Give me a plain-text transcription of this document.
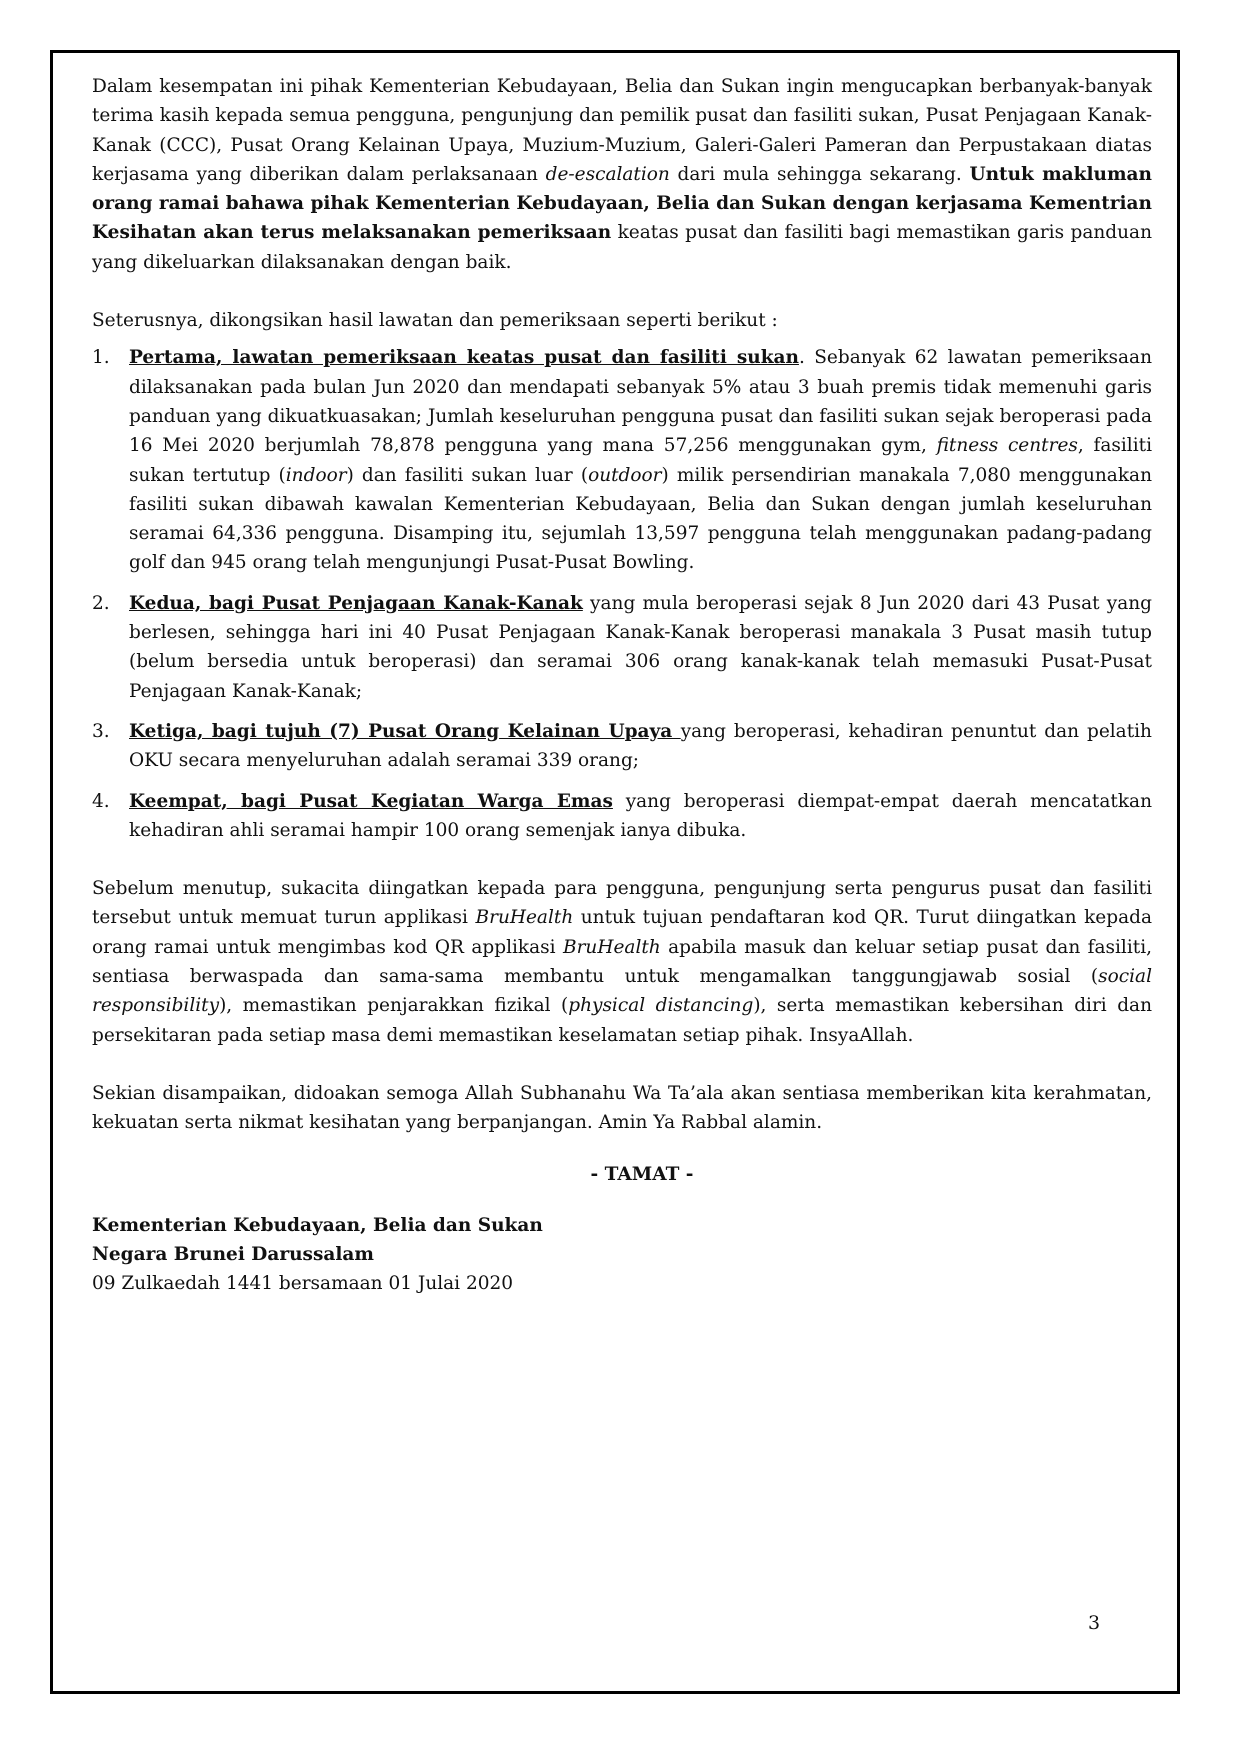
Dalam kesempatan ini pihak Kementerian Kebudayaan, Belia dan Sukan ingin mengucapkan berbanyak-banyak terima kasih kepada semua pengguna, pengunjung dan pemilik pusat dan fasiliti sukan, Pusat Penjagaan Kanak-Kanak (CCC), Pusat Orang Kelainan Upaya, Muzium-Muzium, Galeri-Galeri Pameran dan Perpustakaan diatas kerjasama yang diberikan dalam perlaksanaan de-escalation dari mula sehingga sekarang. Untuk makluman orang ramai bahawa pihak Kementerian Kebudayaan, Belia dan Sukan dengan kerjasama Kementrian Kesihatan akan terus melaksanakan pemeriksaan keatas pusat dan fasiliti bagi memastikan garis panduan yang dikeluarkan dilaksanakan dengan baik.

Seterusnya, dikongsikan hasil lawatan dan pemeriksaan seperti berikut :

1. Pertama, lawatan pemeriksaan keatas pusat dan fasiliti sukan. Sebanyak 62 lawatan pemeriksaan dilaksanakan pada bulan Jun 2020 dan mendapati sebanyak 5% atau 3 buah premis tidak memenuhi garis panduan yang dikuatkuasakan; Jumlah keseluruhan pengguna pusat dan fasiliti sukan sejak beroperasi pada 16 Mei 2020 berjumlah 78,878 pengguna yang mana 57,256 menggunakan gym, fitness centres, fasiliti sukan tertutup (indoor) dan fasiliti sukan luar (outdoor) milik persendirian manakala 7,080 menggunakan fasiliti sukan dibawah kawalan Kementerian Kebudayaan, Belia dan Sukan dengan jumlah keseluruhan seramai 64,336 pengguna. Disamping itu, sejumlah 13,597 pengguna telah menggunakan padang-padang golf dan 945 orang telah mengunjungi Pusat-Pusat Bowling.
2. Kedua, bagi Pusat Penjagaan Kanak-Kanak yang mula beroperasi sejak 8 Jun 2020 dari 43 Pusat yang berlesen, sehingga hari ini 40 Pusat Penjagaan Kanak-Kanak beroperasi manakala 3 Pusat masih tutup (belum bersedia untuk beroperasi) dan seramai 306 orang kanak-kanak telah memasuki Pusat-Pusat Penjagaan Kanak-Kanak;
3. Ketiga, bagi tujuh (7) Pusat Orang Kelainan Upaya yang beroperasi, kehadiran penuntut dan pelatih OKU secara menyeluruhan adalah seramai 339 orang;
4. Keempat, bagi Pusat Kegiatan Warga Emas yang beroperasi diempat-empat daerah mencatatkan kehadiran ahli seramai hampir 100 orang semenjak ianya dibuka.

Sebelum menutup, sukacita diingatkan kepada para pengguna, pengunjung serta pengurus pusat dan fasiliti tersebut untuk memuat turun applikasi BruHealth untuk tujuan pendaftaran kod QR. Turut diingatkan kepada orang ramai untuk mengimbas kod QR applikasi BruHealth apabila masuk dan keluar setiap pusat dan fasiliti, sentiasa berwaspada dan sama-sama membantu untuk mengamalkan tanggungjawab sosial (social responsibility), memastikan penjarakkan fizikal (physical distancing), serta memastikan kebersihan diri dan persekitaran pada setiap masa demi memastikan keselamatan setiap pihak. InsyaAllah.

Sekian disampaikan, didoakan semoga Allah Subhanahu Wa Ta’ala akan sentiasa memberikan kita kerahmatan, kekuatan serta nikmat kesihatan yang berpanjangan. Amin Ya Rabbal alamin.

- TAMAT -

Kementerian Kebudayaan, Belia dan Sukan

Negara Brunei Darussalam

09 Zulkaedah 1441 bersamaan 01 Julai 2020

3
